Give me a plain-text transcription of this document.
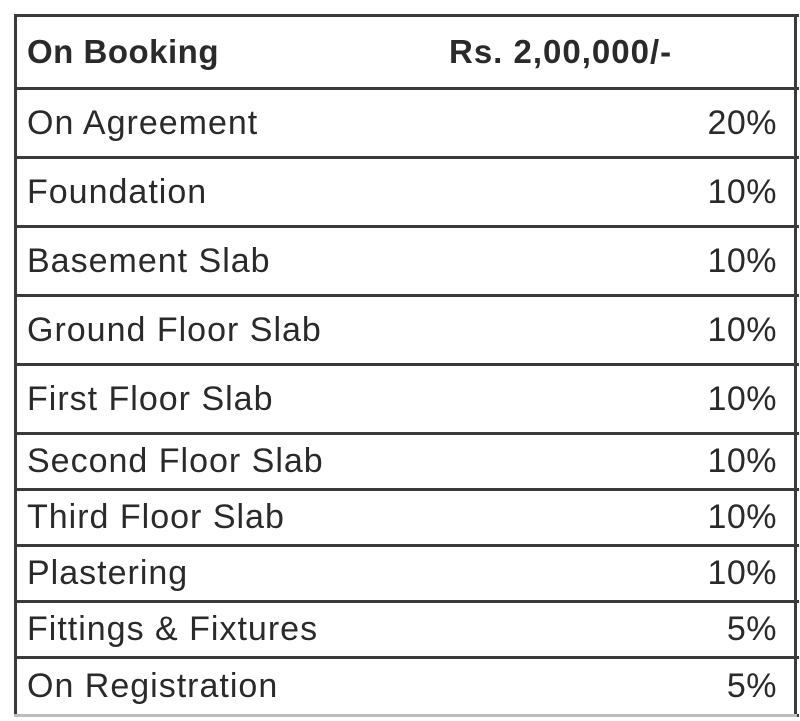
On Booking	Rs. 2,00,000/-
On Agreement	20%
Foundation	10%
Basement Slab	10%
Ground Floor Slab	10%
First Floor Slab	10%
Second Floor Slab	10%
Third Floor Slab	10%
Plastering	10%
Fittings & Fixtures	5%
On Registration	5%
